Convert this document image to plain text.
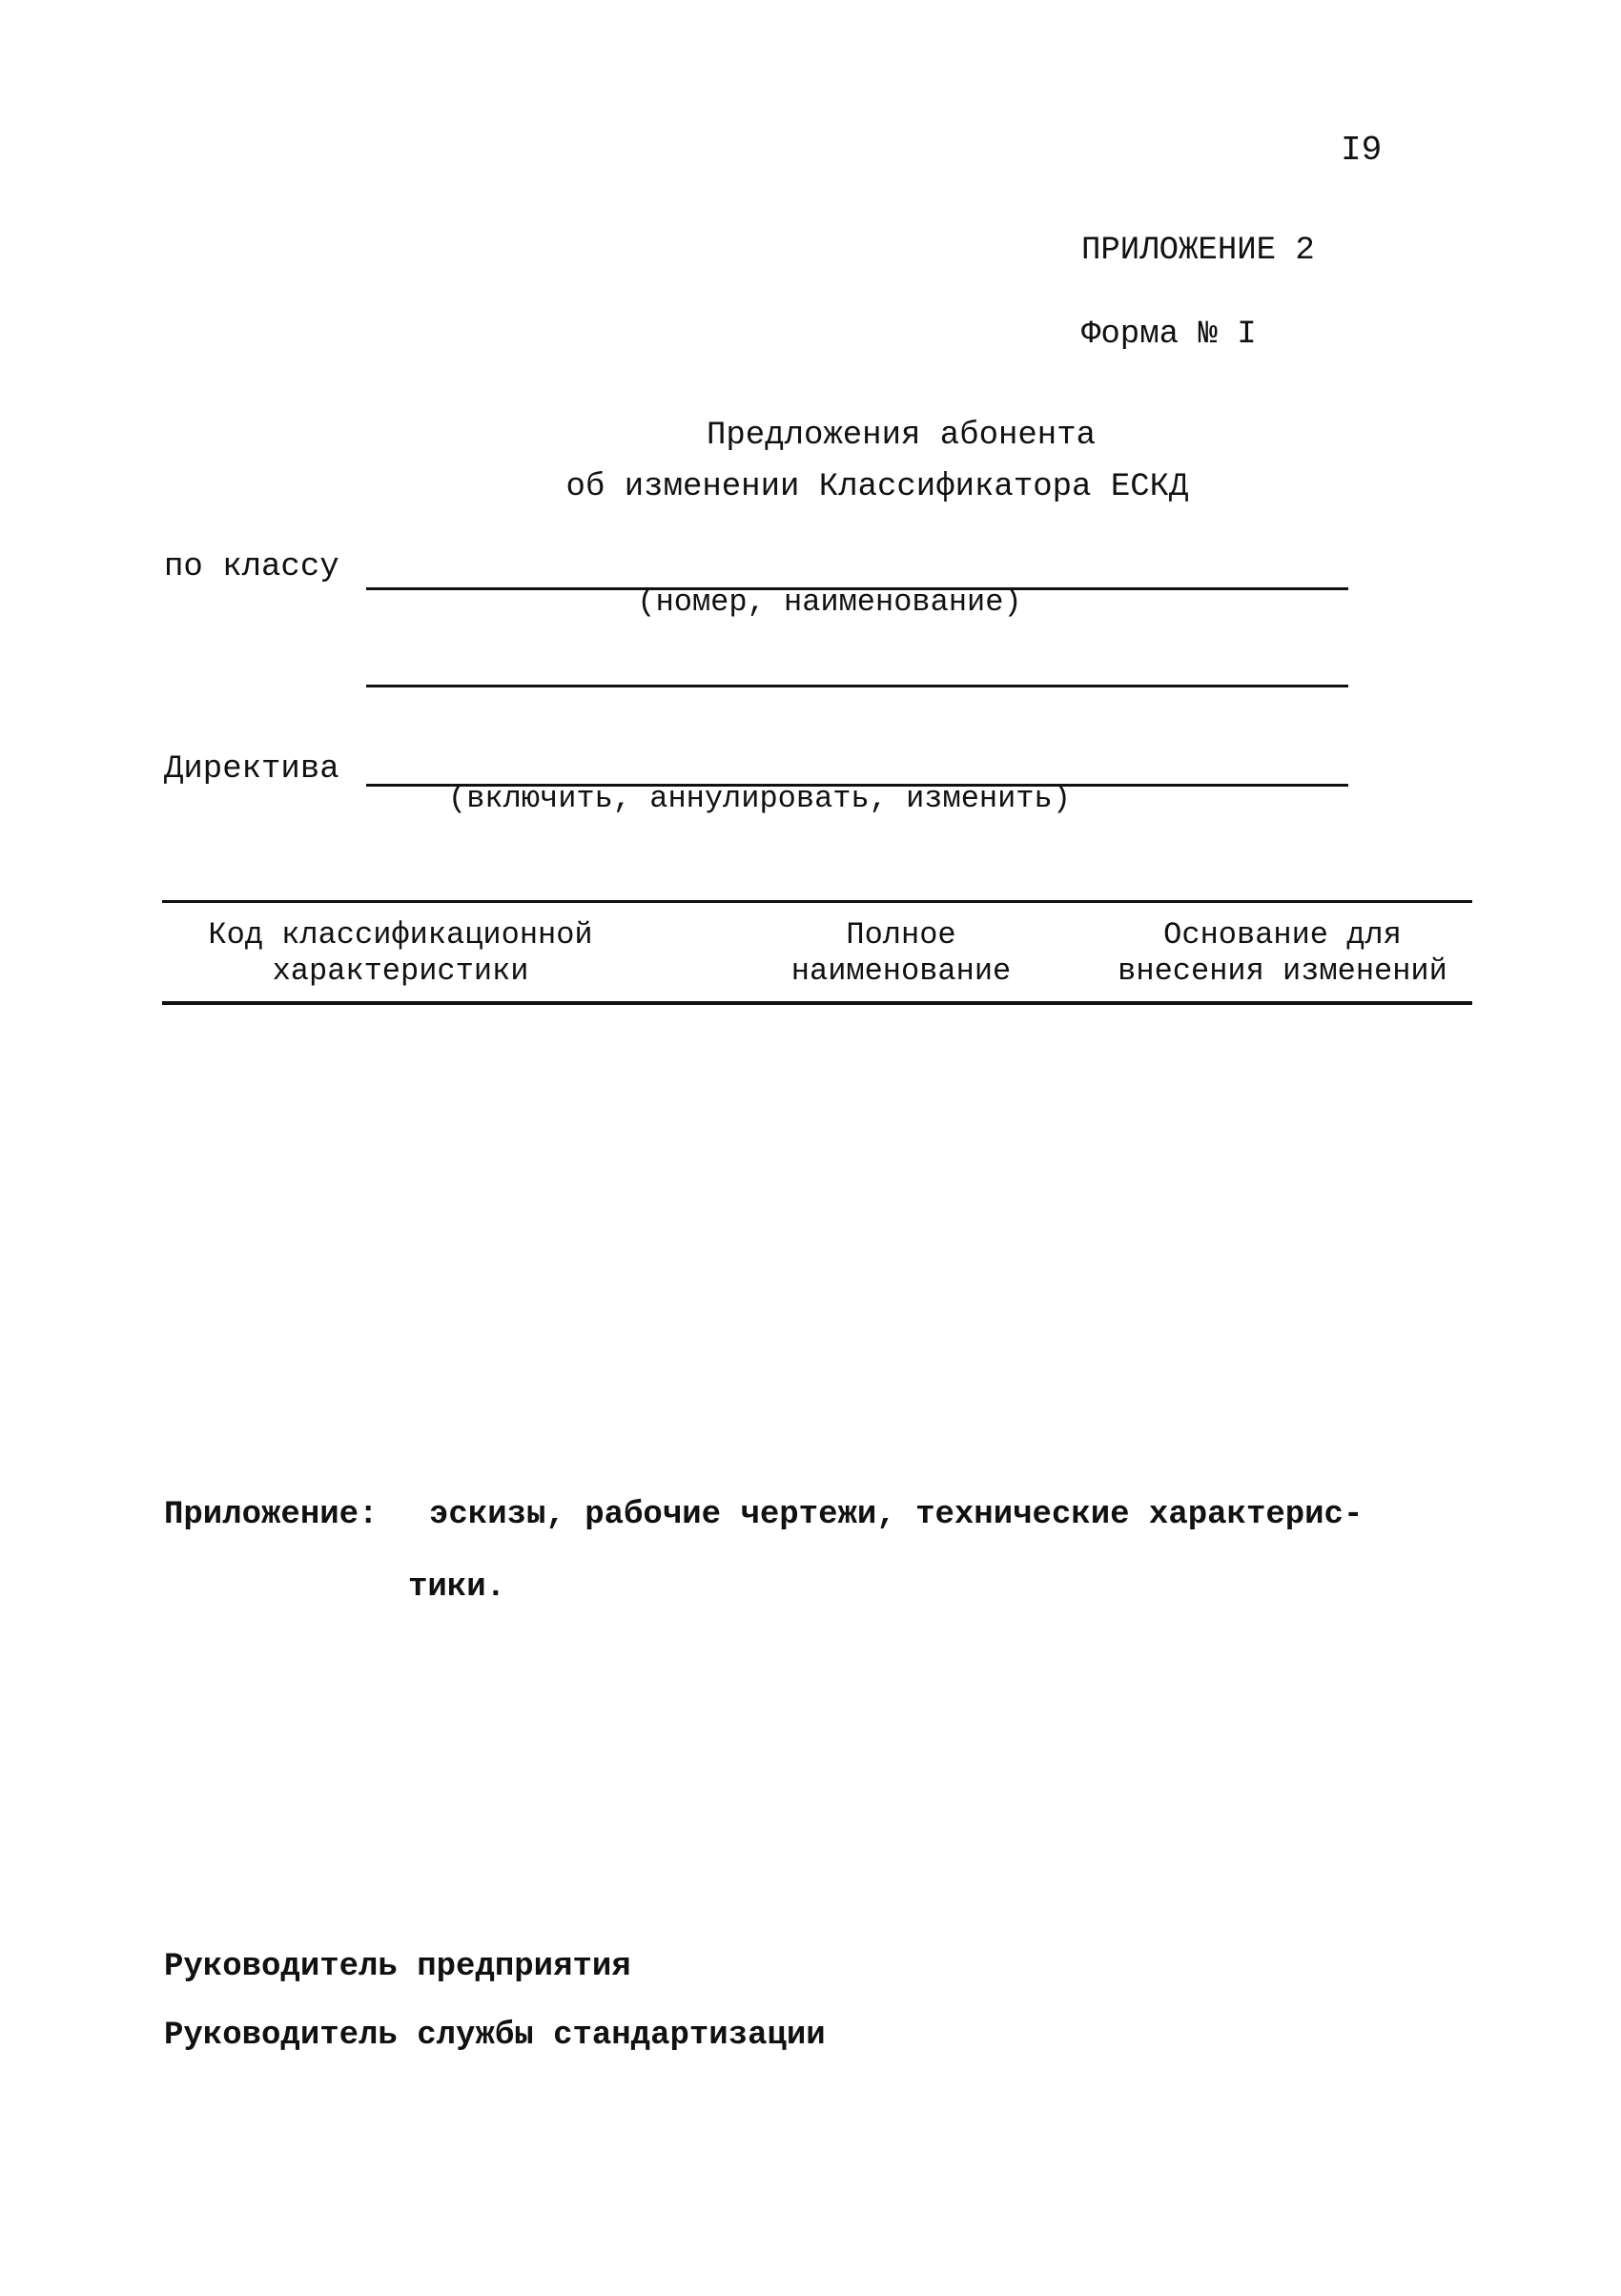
I9
ПРИЛОЖЕНИЕ 2
Форма № I
Предложения абонента
об изменении Классификатора ЕСКД
по классу
(номер, наименование)
Директива
(включить, аннулировать, изменить)
Код классификационной
характеристики
Полное
наименование
Основание для
внесения изменений
Приложение: эскизы, рабочие чертежи, технические характерис-
тики.
Руководитель предприятия
Руководитель службы стандартизации
